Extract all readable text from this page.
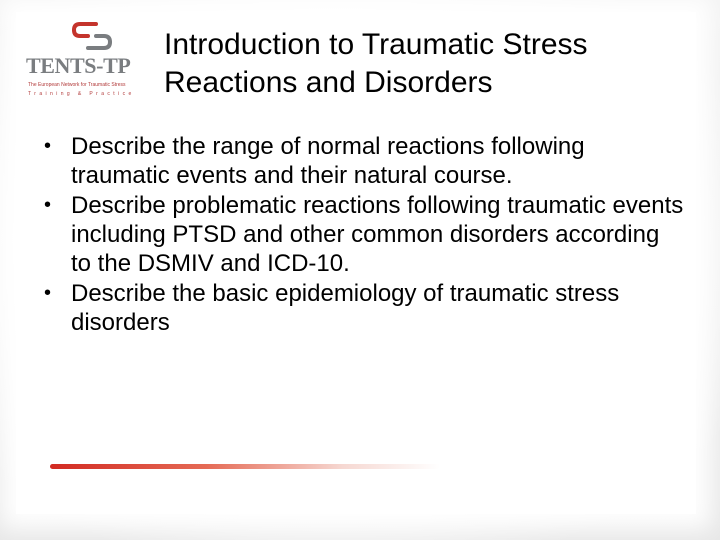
TENTS-TP
The European Network for Traumatic Stress
Training & Practice
Introduction to Traumatic Stress
Reactions and Disorders
• Describe the range of normal reactions following traumatic events and their natural course.
• Describe problematic reactions following traumatic events including PTSD and other common disorders according to the DSMIV and ICD-10.
• Describe the basic epidemiology of traumatic stress disorders
